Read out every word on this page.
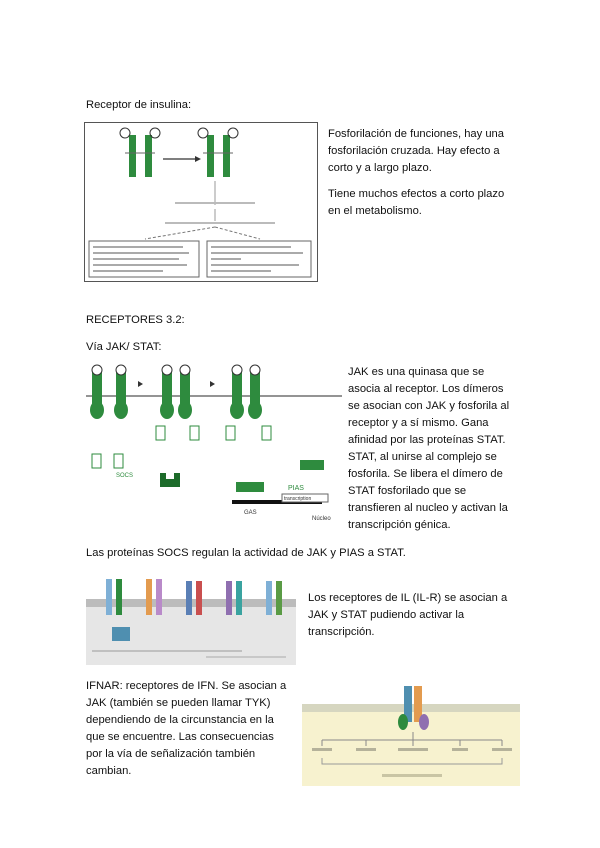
Receptor de insulina:
Fosforilación de funciones, hay una fosforilación cruzada. Hay efecto a corto y a largo plazo.
Tiene muchos efectos a corto plazo en el metabolismo.
RECEPTORES 3.2:
Vía JAK/ STAT:
PIAS
SOCS
transcription
GAS
Núcleo
JAK es una quinasa que se asocia al receptor. Los dímeros se asocian con JAK y fosforila al receptor y a sí mismo. Gana afinidad por las proteínas STAT. STAT, al unirse al complejo se fosforila. Se libera el dímero de STAT fosforilado que se transfieren al nucleo y activan la transcripción génica.
Las proteínas SOCS regulan la actividad de JAK y PIAS a STAT.
Los receptores de IL (IL-R) se asocian a JAK y STAT pudiendo activar la transcripción.
IFNAR: receptores de IFN. Se asocian a JAK (también se pueden llamar TYK) dependiendo de la circunstancia en la que se encuentre. Las consecuencias por la vía de señalización también cambian.
